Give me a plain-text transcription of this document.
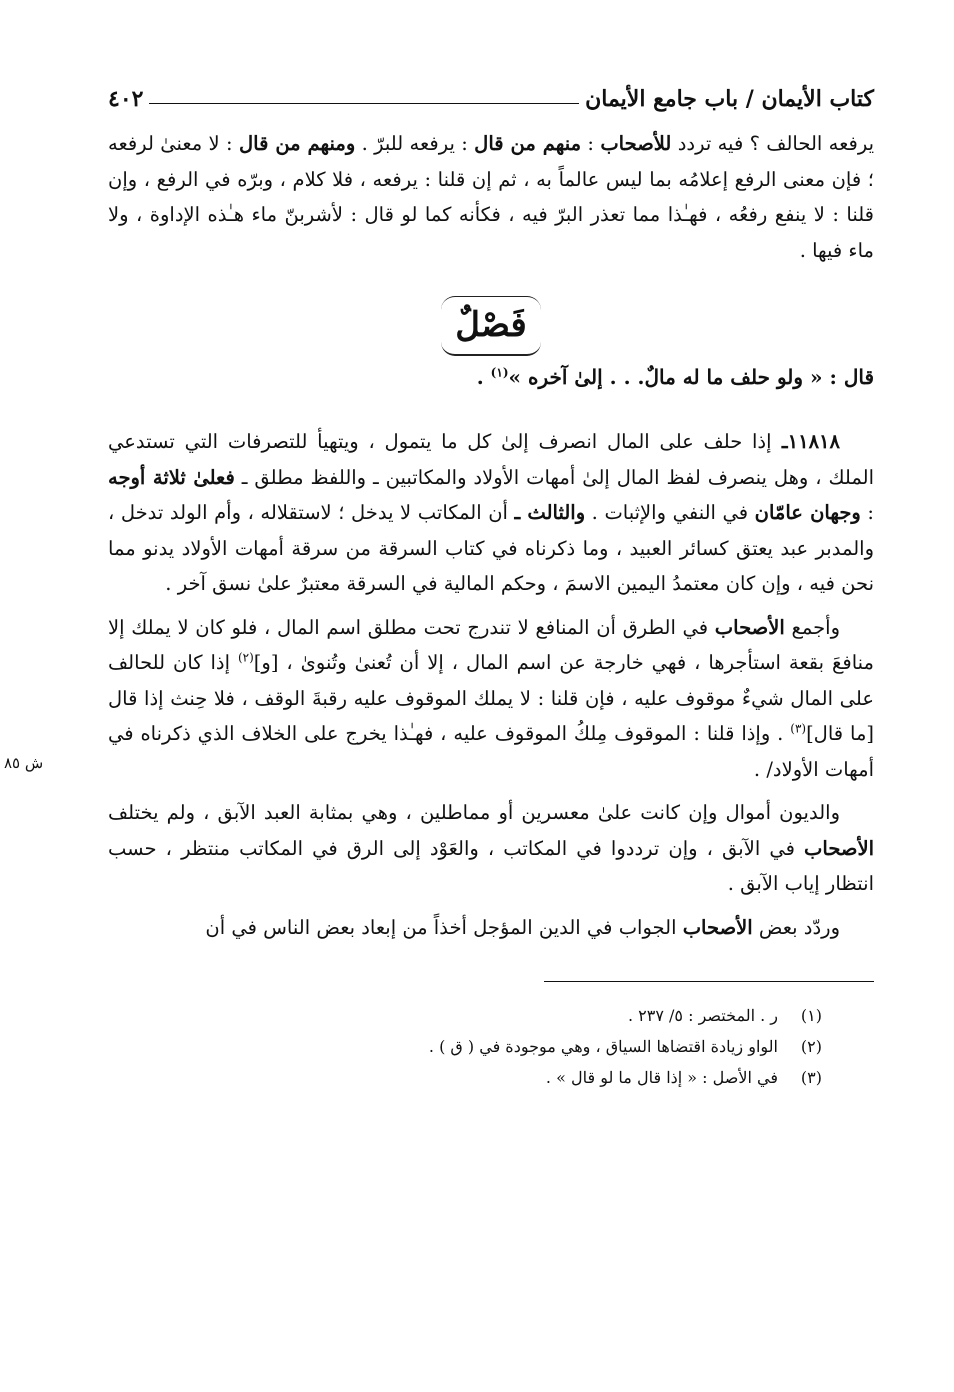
كتاب الأيمان / باب جامع الأيمان
٤٠٢

يرفعه الحالف ؟ فيه تردد للأصحاب : منهم من قال : يرفعه للبرّ . ومنهم من قال : لا معنىٰ لرفعه ؛ فإن معنى الرفع إعلامُه بما ليس عالماً به ، ثم إن قلنا : يرفعه ، فلا كلام ، وبرّه في الرفع ، وإن قلنا : لا ينفع رفعُه ، فهـٰذا مما تعذر البرّ فيه ، فكأنه كما لو قال : لأشربنّ ماء هـٰذه الإداوة ، ولا ماء فيها .

فَصْلٌ

قال : « ولو حلف ما له مالٌ. . . إلىٰ آخره »$^{(١)}$ .

١١٨١٨ـ إذا حلف على المال انصرف إلىٰ كل ما يتمول ، ويتهيأ للتصرفات التي تستدعي الملك ، وهل ينصرف لفظ المال إلىٰ أمهات الأولاد والمكاتبين ـ واللفظ مطلق ـ فعلىٰ ثلاثة أوجه : وجهان عامّان في النفي والإثبات . والثالث ـ أن المكاتب لا يدخل ؛ لاستقلاله ، وأم الولد تدخل ، والمدبر عبد يعتق كسائر العبيد ، وما ذكرناه في كتاب السرقة من سرقة أمهات الأولاد يدنو مما نحن فيه ، وإن كان معتمدُ اليمين الاسمَ ، وحكم المالية في السرقة معتبرٌ علىٰ نسق آخر .

وأجمع الأصحاب في الطرق أن المنافع لا تندرج تحت مطلق اسم المال ، فلو كان لا يملك إلا منافعَ بقعة استأجرها ، فهي خارجة عن اسم المال ، إلا أن تُعنىٰ وتُنوىٰ ، [و]$^{(٢)}$ إذا كان للحالف على المال شيءٌ موقوف عليه ، فإن قلنا : لا يملك الموقوف عليه رقبةَ الوقف ، فلا حِنث إذا قال [ما قال]$^{(٣)}$ . وإذا قلنا : الموقوف مِلكُ الموقوف عليه ، فهـٰذا يخرج على الخلاف الذي ذكرناه في أمهات الأولاد/ .
ش ٨٥

والديون أموال وإن كانت علىٰ معسرين أو مماطلين ، وهي بمثابة العبد الآبق ، ولم يختلف الأصحاب في الآبق ، وإن ترددوا في المكاتب ، والعَوْد إلى الرق في المكاتب منتظر ، حسب انتظار إياب الآبق .

وردّد بعض الأصحاب الجواب في الدين المؤجل أخذاً من إبعاد بعض الناس في أن

(١)
ر . المختصر : ٥/ ٢٣٧ .
(٢)
الواو زيادة اقتضاها السياق ، وهي موجودة في ( ق ) .
(٣)
في الأصل : « إذا قال ما لو قال » .
